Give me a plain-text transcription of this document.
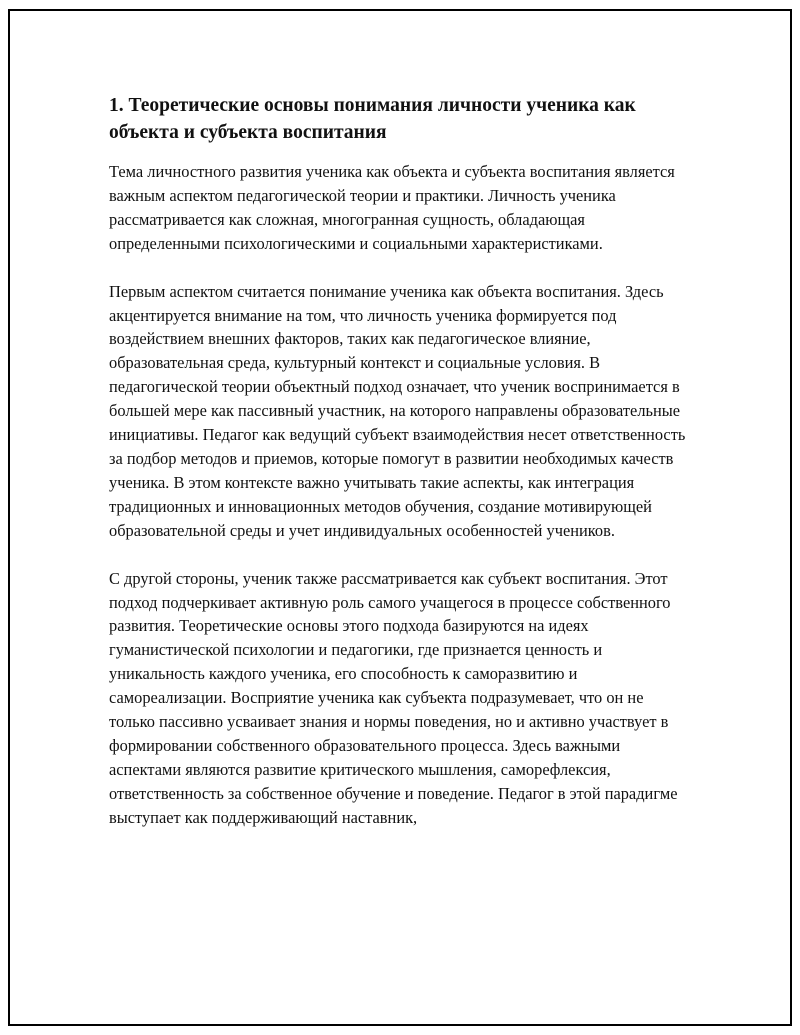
1. Теоретические основы понимания личности ученика как объекта и субъекта воспитания

Тема личностного развития ученика как объекта и субъекта воспитания является важным аспектом педагогической теории и практики. Личность ученика рассматривается как сложная, многогранная сущность, обладающая определенными психологическими и социальными характеристиками.

Первым аспектом считается понимание ученика как объекта воспитания. Здесь акцентируется внимание на том, что личность ученика формируется под воздействием внешних факторов, таких как педагогическое влияние, образовательная среда, культурный контекст и социальные условия. В педагогической теории объектный подход означает, что ученик воспринимается в большей мере как пассивный участник, на которого направлены образовательные инициативы. Педагог как ведущий субъект взаимодействия несет ответственность за подбор методов и приемов, которые помогут в развитии необходимых качеств ученика. В этом контексте важно учитывать такие аспекты, как интеграция традиционных и инновационных методов обучения, создание мотивирующей образовательной среды и учет индивидуальных особенностей учеников.

С другой стороны, ученик также рассматривается как субъект воспитания. Этот подход подчеркивает активную роль самого учащегося в процессе собственного развития. Теоретические основы этого подхода базируются на идеях гуманистической психологии и педагогики, где признается ценность и уникальность каждого ученика, его способность к саморазвитию и самореализации. Восприятие ученика как субъекта подразумевает, что он не только пассивно усваивает знания и нормы поведения, но и активно участвует в формировании собственного образовательного процесса. Здесь важными аспектами являются развитие критического мышления, саморефлексия, ответственность за собственное обучение и поведение. Педагог в этой парадигме выступает как поддерживающий наставник,
